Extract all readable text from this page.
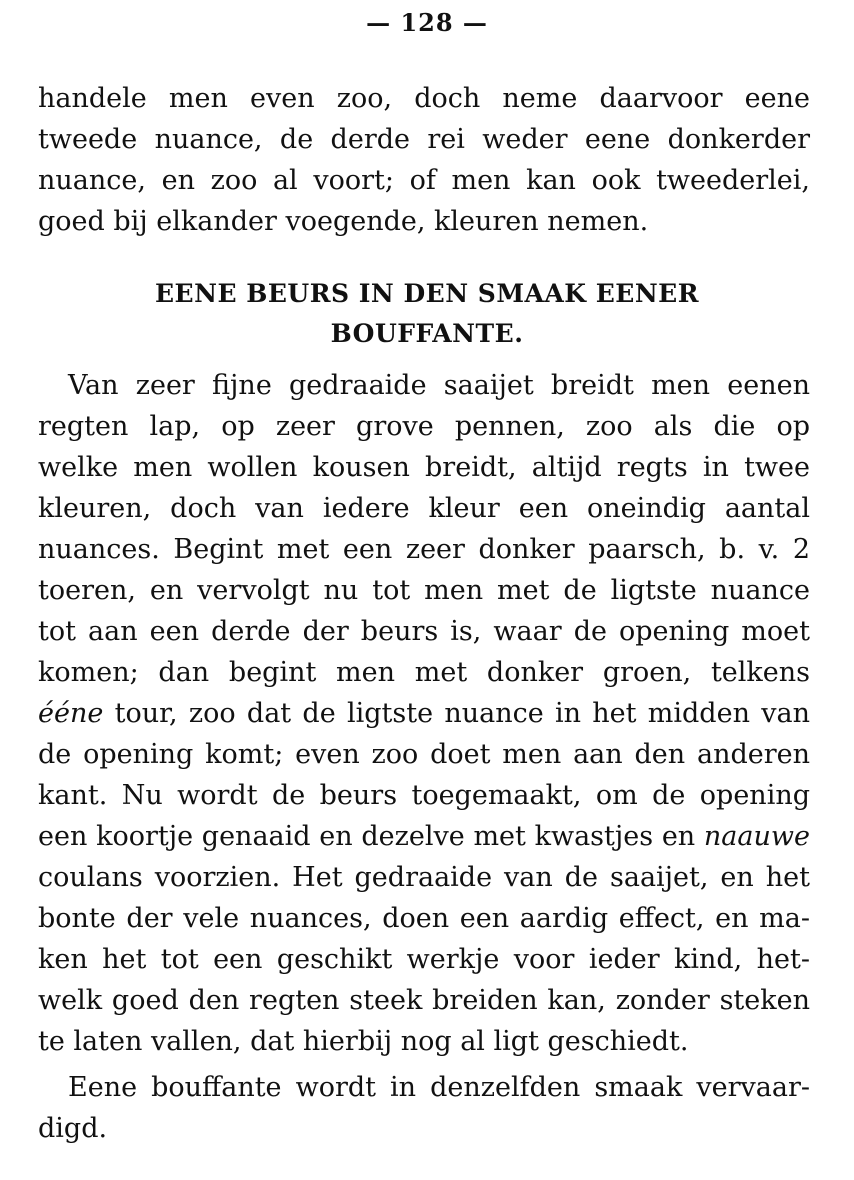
— 128 —
handele men even zoo, doch neme daarvoor eene
tweede nuance, de derde rei weder eene donkerder
nuance, en zoo al voort; of men kan ook tweederlei,
goed bij elkander voegende, kleuren nemen.
EENE BEURS IN DEN SMAAK EENER
BOUFFANTE.
Van zeer fijne gedraaide saaijet breidt men eenen
regten lap, op zeer grove pennen, zoo als die op
welke men wollen kousen breidt, altijd regts in twee
kleuren, doch van iedere kleur een oneindig aantal
nuances. Begint met een zeer donker paarsch, b. v. 2
toeren, en vervolgt nu tot men met de ligtste nuance
tot aan een derde der beurs is, waar de opening moet
komen; dan begint men met donker groen, telkens
ééne tour, zoo dat de ligtste nuance in het midden van
de opening komt; even zoo doet men aan den anderen
kant. Nu wordt de beurs toegemaakt, om de opening
een koortje genaaid en dezelve met kwastjes en naauwe
coulans voorzien. Het gedraaide van de saaijet, en het
bonte der vele nuances, doen een aardig effect, en ma-
ken het tot een geschikt werkje voor ieder kind, het-
welk goed den regten steek breiden kan, zonder steken
te laten vallen, dat hierbij nog al ligt geschiedt.
Eene bouffante wordt in denzelfden smaak vervaar-
digd.
